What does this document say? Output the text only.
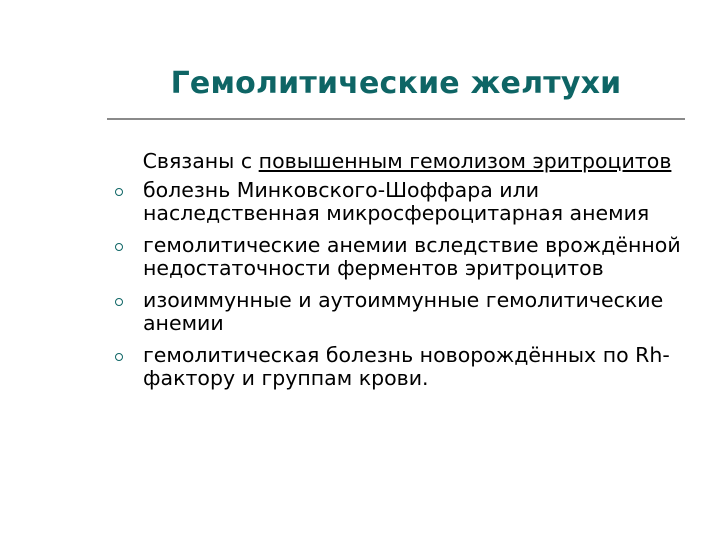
Гемолитические желтухи

Связаны с повышенным гемолизом эритроцитов

болезнь Минковского-Шоффара или наследственная микросфероцитарная анемия
гемолитические анемии вследствие врождённой недостаточности ферментов эритроцитов
изоиммунные и аутоиммунные гемолитические анемии
гемолитическая болезнь новорождённых по Rh-фактору и группам крови.
